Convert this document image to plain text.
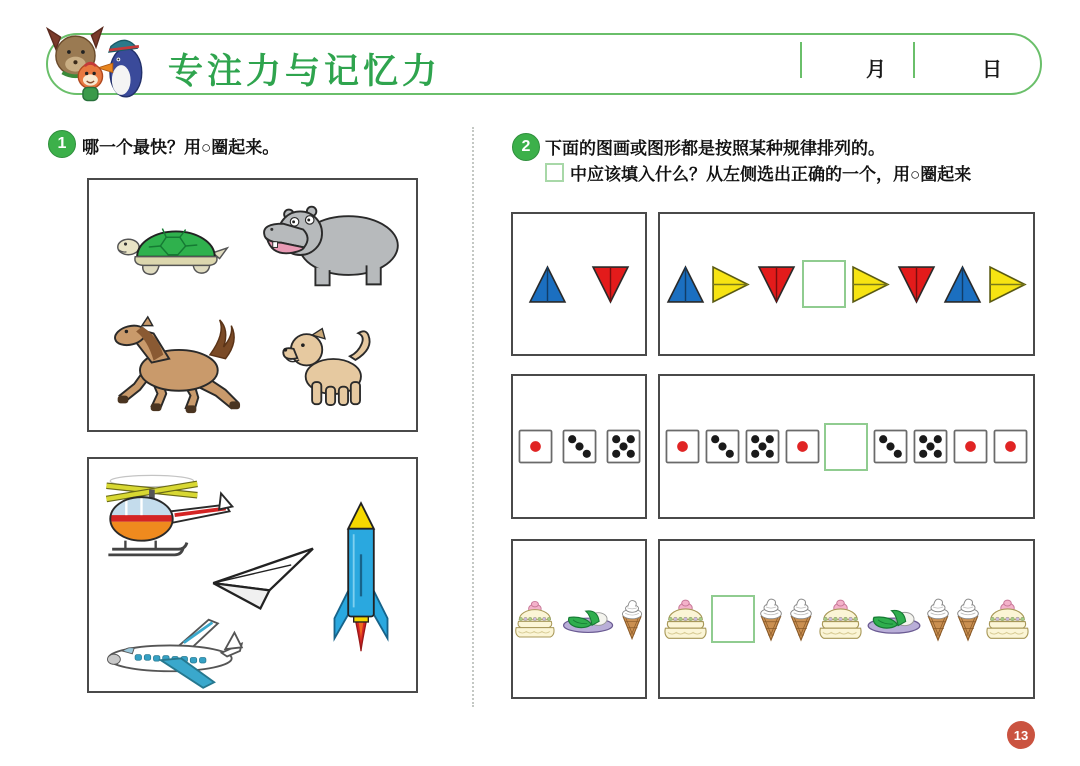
专注力与记忆力	月	日
1 哪一个最快？用○圈起来。	2 下面的图画或图形都是按照某种规律排列的。
中应该填入什么？从左侧选出正确的一个，用○圈起来
13
